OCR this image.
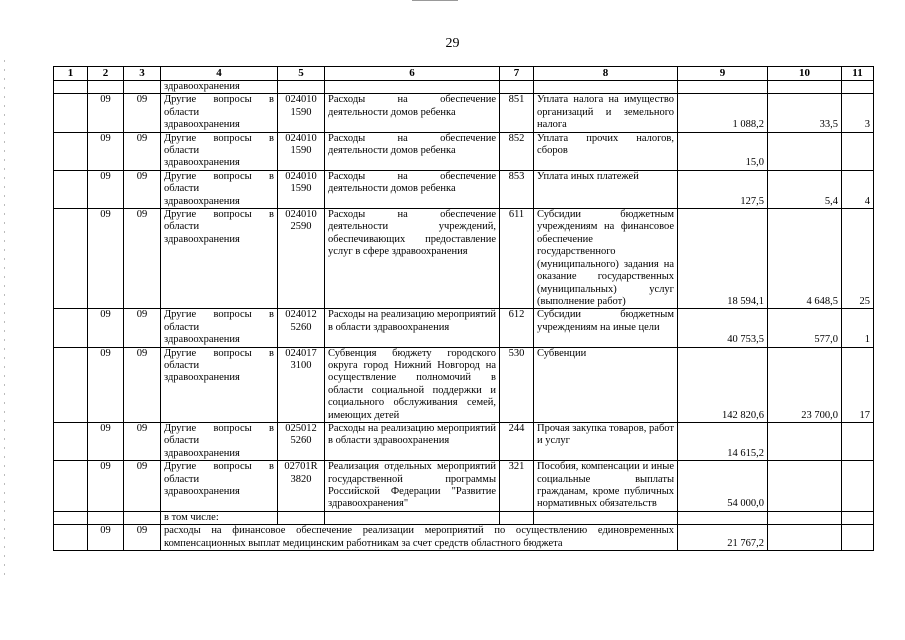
29
1	2	3	4	5	6	7	8	9	10	11
			здравоохранения							
	09	09	Другие вопросы в области здравоохранения	024010 1590	Расходы на обеспечение деятельности домов ребенка	851	Уплата налога на имущество организаций и земельного налога	1 088,2	33,5	3
	09	09	Другие вопросы в области здравоохранения	024010 1590	Расходы на обеспечение деятельности домов ребенка	852	Уплата прочих налогов, сборов	15,0		
	09	09	Другие вопросы в области здравоохранения	024010 1590	Расходы на обеспечение деятельности домов ребенка	853	Уплата иных платежей	127,5	5,4	4
	09	09	Другие вопросы в области здравоохранения	024010 2590	Расходы на обеспечение деятельности учреждений, обеспечивающих предоставление услуг в сфере здравоохранения	611	Субсидии бюджетным учреждениям на финансовое обеспечение государственного (муниципального) задания на оказание государственных (муниципальных) услуг (выполнение работ)	18 594,1	4 648,5	25
	09	09	Другие вопросы в области здравоохранения	024012 5260	Расходы на реализацию мероприятий в области здравоохранения	612	Субсидии бюджетным учреждениям на иные цели	40 753,5	577,0	1
	09	09	Другие вопросы в области здравоохранения	024017 3100	Субвенция бюджету городского округа город Нижний Новгород на осуществление полномочий в области социальной поддержки и социального обслуживания семей, имеющих детей	530	Субвенции	142 820,6	23 700,0	17
	09	09	Другие вопросы в области здравоохранения	025012 5260	Расходы на реализацию мероприятий в области здравоохранения	244	Прочая закупка товаров, работ и услуг	14 615,2		
	09	09	Другие вопросы в области здравоохранения	02701R 3820	Реализация отдельных мероприятий государственной программы Российской Федерации "Развитие здравоохранения"	321	Пособия, компенсации и иные социальные выплаты гражданам, кроме публичных нормативных обязательств	54 000,0		
			в том числе:							
	09	09	расходы на финансовое обеспечение реализации мероприятий по осуществлению единовременных компенсационных выплат медицинским работникам за счет средств областного бюджета					21 767,2		
